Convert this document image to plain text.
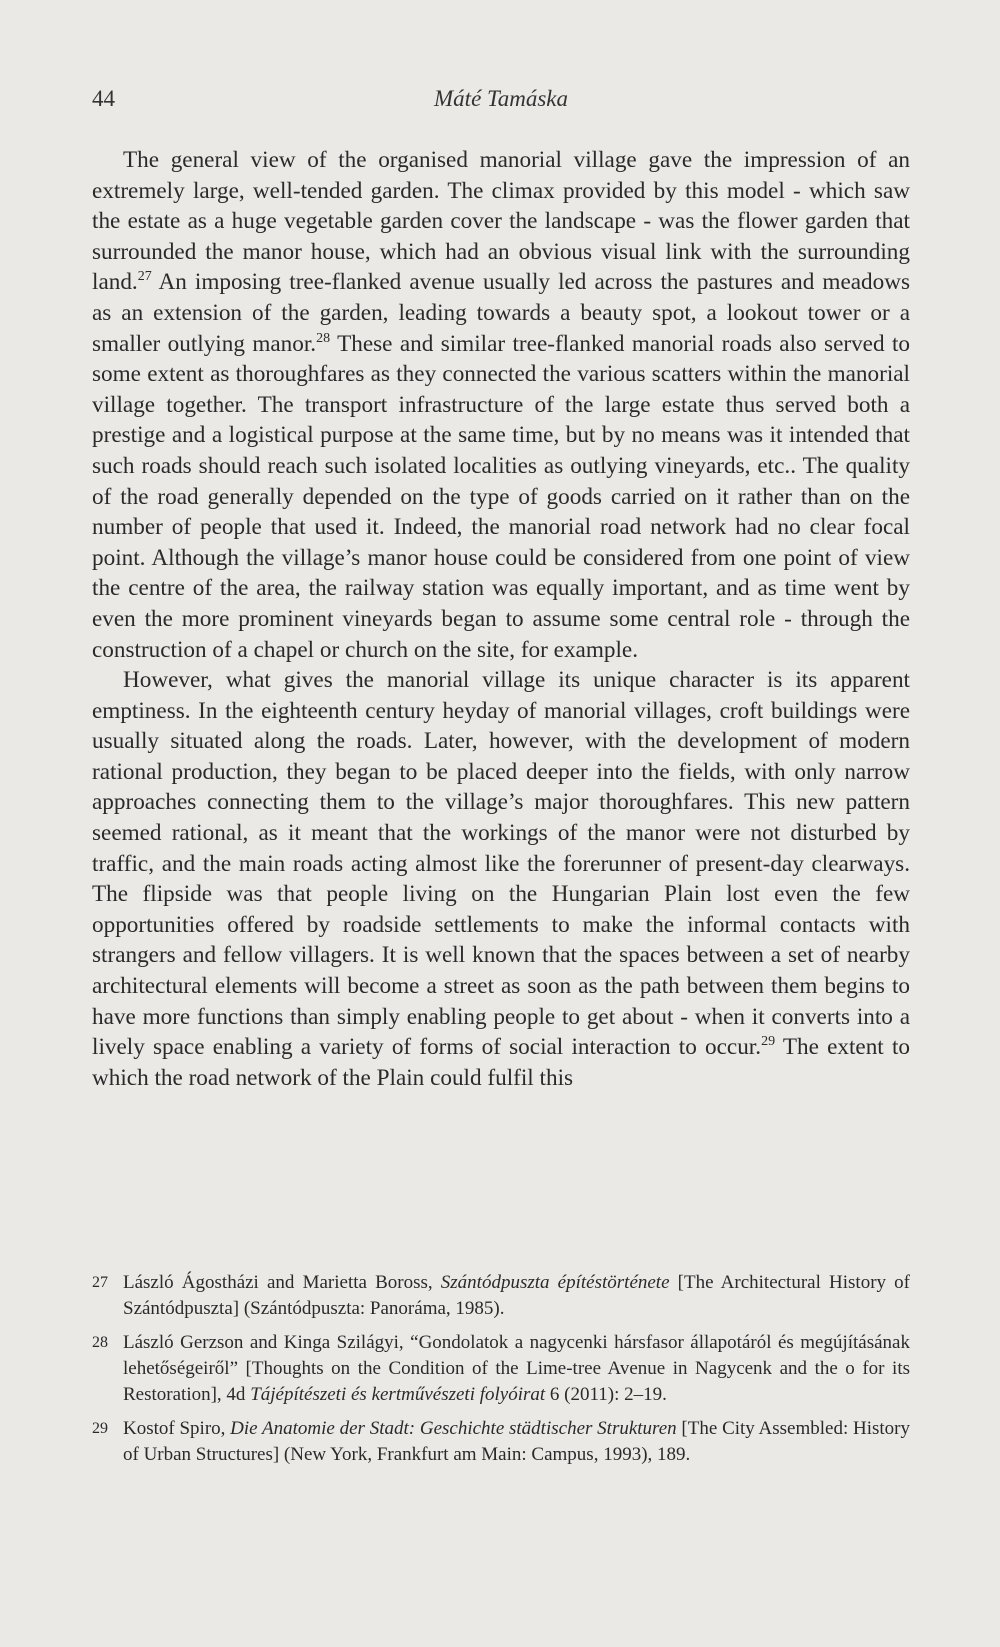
44	Máté Tamáska

The general view of the organised manorial village gave the impression of an extremely large, well-tended garden. The climax provided by this model - which saw the estate as a huge vegetable garden cover the landscape - was the flower garden that surrounded the manor house, which had an obvious visual link with the surrounding land.$^{27}$ An imposing tree-flanked avenue usually led across the pastures and meadows as an extension of the garden, leading towards a beauty spot, a lookout tower or a smaller outlying manor.$^{28}$ These and similar tree-flanked manorial roads also served to some extent as thoroughfares as they connected the various scatters within the manorial village together. The transport infrastructure of the large estate thus served both a prestige and a logistical purpose at the same time, but by no means was it intended that such roads should reach such isolated localities as outlying vineyards, etc.. The quality of the road generally depended on the type of goods carried on it rather than on the number of people that used it. Indeed, the manorial road network had no clear focal point. Although the village’s manor house could be considered from one point of view the centre of the area, the railway station was equally important, and as time went by even the more prominent vineyards began to assume some central role - through the construction of a chapel or church on the site, for example.

However, what gives the manorial village its unique character is its apparent emptiness. In the eighteenth century heyday of manorial villages, croft buildings were usually situated along the roads. Later, however, with the development of modern rational production, they began to be placed deeper into the fields, with only narrow approaches connecting them to the village’s major thoroughfares. This new pattern seemed rational, as it meant that the workings of the manor were not disturbed by traffic, and the main roads acting almost like the forerunner of present-day clearways. The flipside was that people living on the Hungarian Plain lost even the few opportunities offered by roadside settlements to make the informal contacts with strangers and fellow villagers. It is well known that the spaces between a set of nearby architectural elements will become a street as soon as the path between them begins to have more functions than simply enabling people to get about - when it converts into a lively space enabling a variety of forms of social interaction to occur.$^{29}$ The extent to which the road network of the Plain could fulfil this

27 László Ágostházi and Marietta Boross, Szántódpuszta építéstörténete [The Architectural History of Szántódpuszta] (Szántódpuszta: Panoráma, 1985).
28 László Gerzson and Kinga Szilágyi, “Gondolatok a nagycenki hársfasor állapotáról és megújításának lehetőségeiről” [Thoughts on the Condition of the Lime-tree Avenue in Nagycenk and the o for its Restoration], 4d Tájépítészeti és kertművészeti folyóirat 6 (2011): 2–19.
29 Kostof Spiro, Die Anatomie der Stadt: Geschichte städtischer Strukturen [The City Assembled: History of Urban Structures] (New York, Frankfurt am Main: Campus, 1993), 189.
